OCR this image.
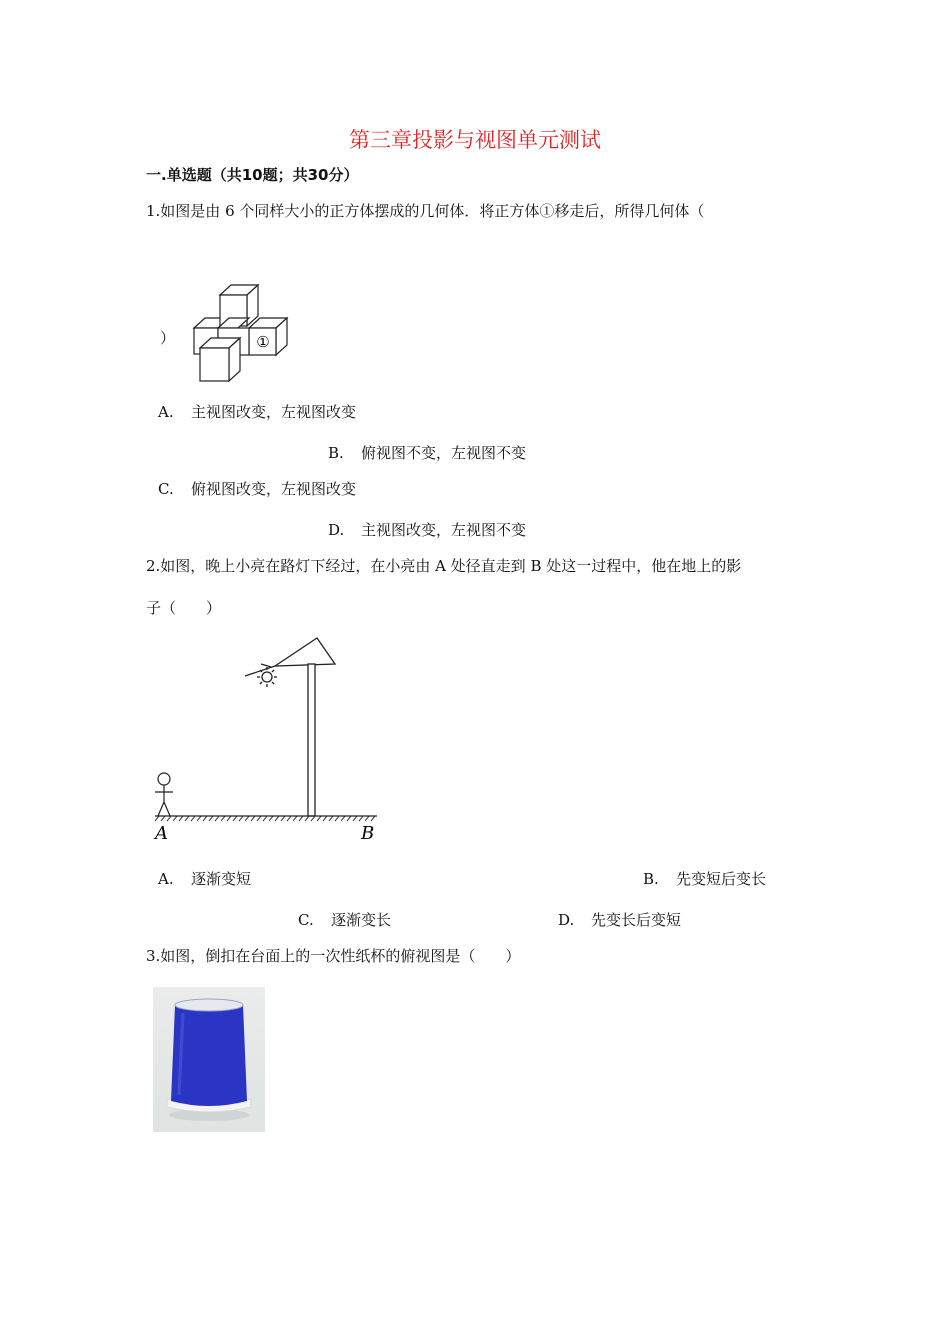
第三章投影与视图单元测试
一.单选题（共10题；共30分）
1.如图是由 6 个同样大小的正方体摆成的几何体．将正方体①移走后，所得几何体（
）	①
A. 主视图改变，左视图改变
B. 俯视图不变，左视图不变
C. 俯视图改变，左视图改变
D. 主视图改变，左视图不变
2.如图，晚上小亮在路灯下经过，在小亮由 A 处径直走到 B 处这一过程中，他在地上的影
子（　　）
A	B
A. 逐渐变短	B. 先变短后变长
C. 逐渐变长	D. 先变长后变短
3.如图，倒扣在台面上的一次性纸杯的俯视图是（　　）
